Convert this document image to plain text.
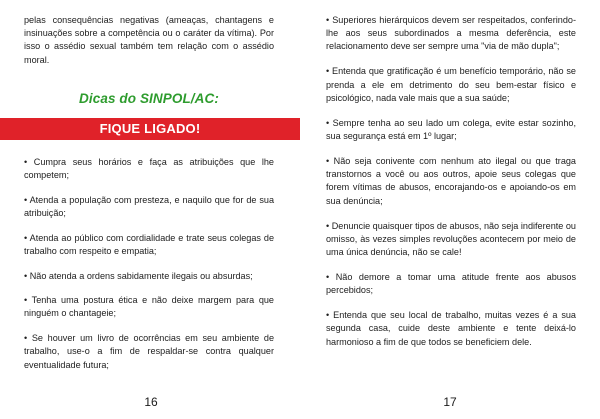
pelas consequências negativas (ameaças, chantagens e insinuações sobre a competência ou o caráter da vítima). Por isso o assédio sexual também tem relação com o assédio moral.

Dicas do SINPOL/AC:
FIQUE LIGADO!

• Cumpra seus horários e faça as atribuições que lhe competem;

• Atenda a população com presteza, e naquilo que for de sua atribuição;

• Atenda ao público com cordialidade e trate seus colegas de trabalho com respeito e empatia;

• Não atenda a ordens sabidamente ilegais ou absurdas;

• Tenha uma postura ética e não deixe margem para que ninguém o chantageie;

• Se houver um livro de ocorrências em seu ambiente de trabalho, use-o a fim de respaldar-se contra qualquer eventualidade futura;

16

• Superiores hierárquicos devem ser respeitados, conferindo-lhe aos seus subordinados a mesma deferência, este relacionamento deve ser sempre uma "via de mão dupla";

• Entenda que gratificação é um benefício temporário, não se prenda a ele em detrimento do seu bem-estar físico e psicológico, nada vale mais que a sua saúde;

• Sempre tenha ao seu lado um colega, evite estar sozinho, sua segurança está em 1º lugar;

• Não seja conivente com nenhum ato ilegal ou que traga transtornos a você ou aos outros, apoie seus colegas que forem vítimas de abusos, encorajando-os e apoiando-os em sua denúncia;

• Denuncie quaisquer tipos de abusos, não seja indiferente ou omisso, às vezes simples revoluções acontecem por meio de uma única denúncia, não se cale!

• Não demore a tomar uma atitude frente aos abusos percebidos;

• Entenda que seu local de trabalho, muitas vezes é a sua segunda casa, cuide deste ambiente e tente deixá-lo harmonioso a fim de que todos se beneficiem dele.

17
